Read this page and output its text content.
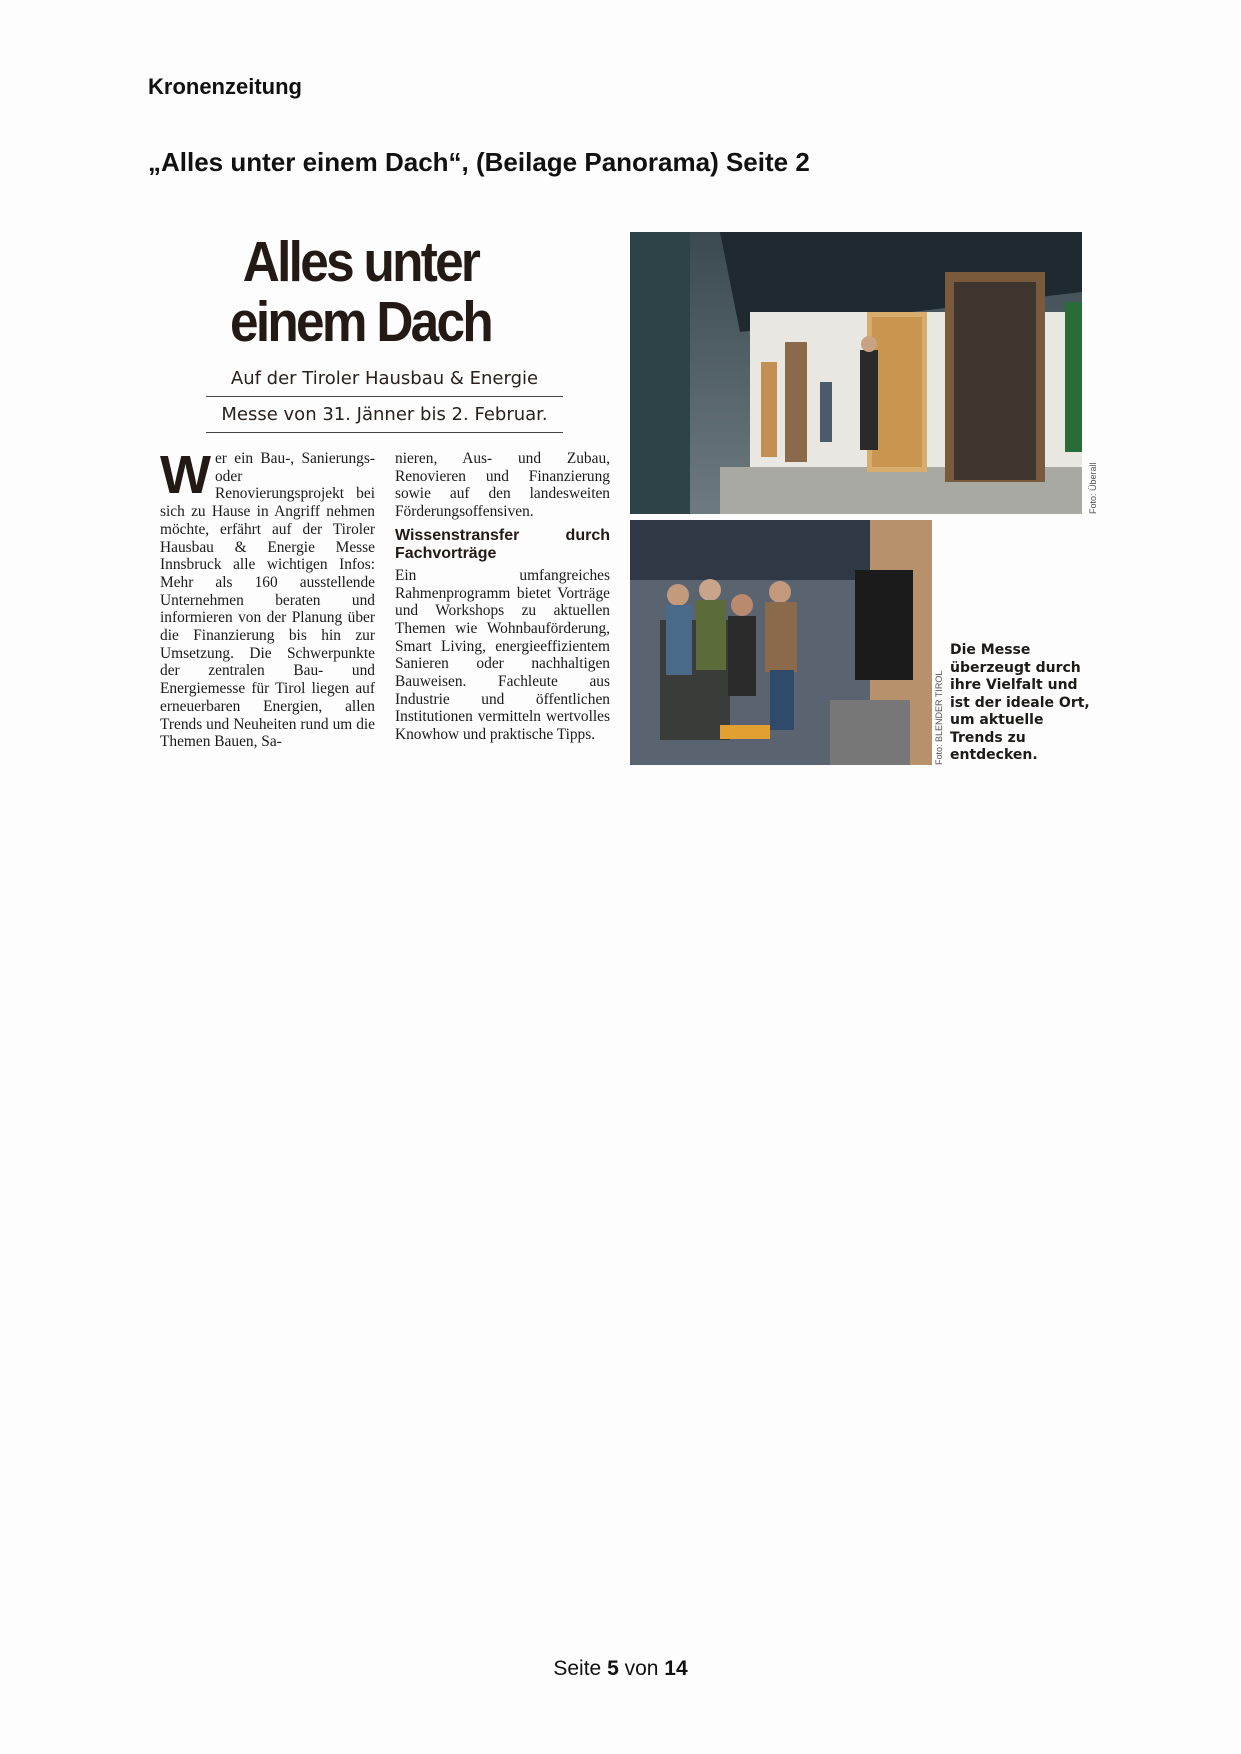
Kronenzeitung
„Alles unter einem Dach“, (Beilage Panorama) Seite 2
Alles unter
einem Dach
Auf der Tiroler Hausbau & Energie
Messe von 31. Jänner bis 2. Februar.
W er ein Bau-, Sanierungs- oder Renovierungsprojekt bei sich zu Hause in Angriff nehmen möchte, erfährt auf der Tiroler Hausbau & Energie Messe Innsbruck alle wichtigen Infos: Mehr als 160 ausstellende Unternehmen beraten und informieren von der Planung über die Finanzierung bis hin zur Umsetzung. Die Schwerpunkte der zentralen Bau- und Energiemesse für Tirol liegen auf erneuerbaren Energien, allen Trends und Neuheiten rund um die Themen Bauen, Sa-
nieren, Aus- und Zubau, Renovieren und Finanzierung sowie auf den landesweiten Förderungsoffensiven.
Wissenstransfer durch Fachvorträge
Ein umfangreiches Rahmenprogramm bietet Vorträge und Workshops zu aktuellen Themen wie Wohnbauförderung, Smart Living, energieeffizientem Sanieren oder nachhaltigen Bauweisen. Fachleute aus Industrie und öffentlichen Institutionen vermitteln wertvolles Knowhow und praktische Tipps.
Foto: Überall
Foto: BLENDER TIROL
Die Messe überzeugt durch ihre Vielfalt und ist der ideale Ort, um aktuelle Trends zu entdecken.
Seite 5 von 14
